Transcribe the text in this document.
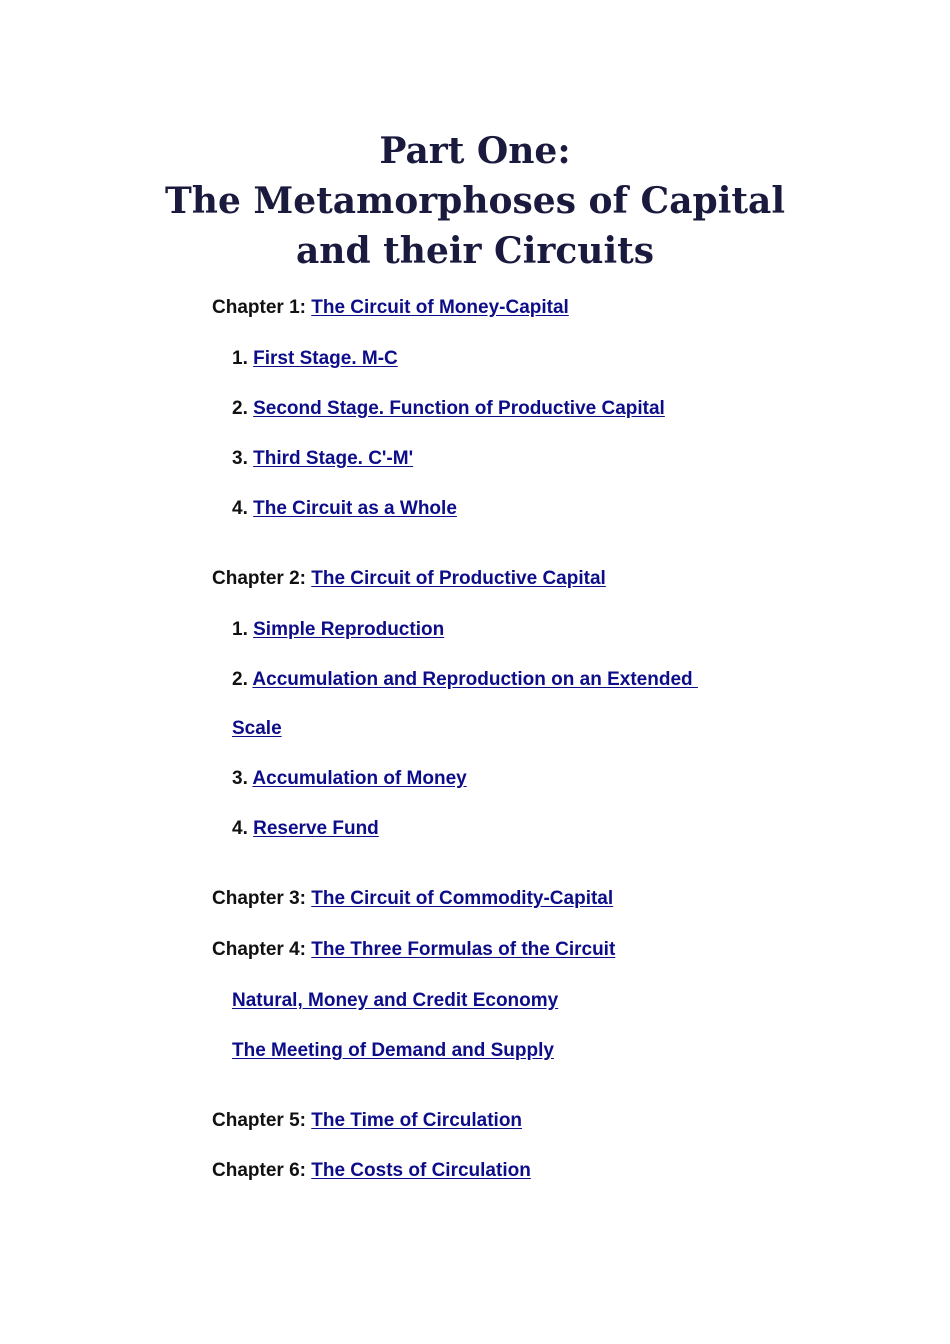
Part One:
The Metamorphoses of Capital
and their Circuits
Chapter 1: The Circuit of Money-Capital
1. First Stage. M-C
2. Second Stage. Function of Productive Capital
3. Third Stage. C'-M'
4. The Circuit as a Whole
Chapter 2: The Circuit of Productive Capital
1. Simple Reproduction
2. Accumulation and Reproduction on an Extended
Scale
3. Accumulation of Money
4. Reserve Fund
Chapter 3: The Circuit of Commodity-Capital
Chapter 4: The Three Formulas of the Circuit
Natural, Money and Credit Economy
The Meeting of Demand and Supply
Chapter 5: The Time of Circulation
Chapter 6: The Costs of Circulation
